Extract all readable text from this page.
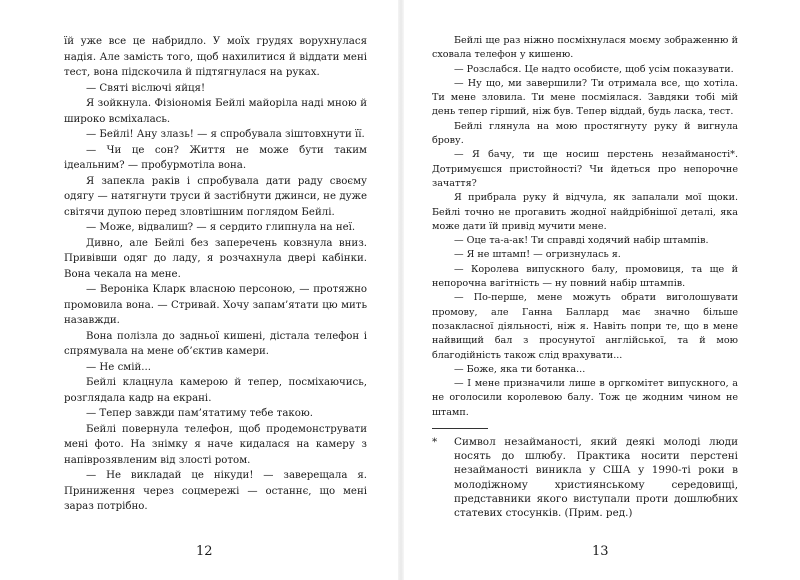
їй уже все це набридло. У моїх грудях ворухнулася надія. Але замість того, щоб нахилитися й віддати мені тест, вона підскочила й підтягнулася на руках.

— Святі віслючі яйця!

Я зойкнула. Фізіономія Бейлі майоріла наді мною й широко всміхалась.

— Бейлі! Ану злазь! — я спробувала зіштовхнути її.

— Чи це сон? Життя не може бути таким ідеальним? — пробурмотіла вона.

Я запекла раків і спробувала дати раду своєму одягу — натягнути труси й застібнути джинси, не дуже світячи дупою перед зловтішним поглядом Бейлі.

— Може, відвалиш? — я сердито глипнула на неї.

Дивно, але Бейлі без заперечень ковзнула вниз. Привівши одяг до ладу, я розчахнула двері кабінки. Вона чекала на мене.

— Вероніка Кларк власною персоною, — протяжно промовила вона. — Стривай. Хочу запам’ятати цю мить назавжди.

Вона полізла до задньої кишені, дістала телефон і спрямувала на мене об’єктив камери.

— Не смій...

Бейлі клацнула камерою й тепер, посміхаючись, розглядала кадр на екрані.

— Тепер завжди пам’ятатиму тебе такою.

Бейлі повернула телефон, щоб продемонструвати мені фото. На знімку я наче кидалася на камеру з напіврозявленим від злості ротом.

— Не викладай це нікуди! — заверещала я. Приниження через соцмережі — останнє, що мені зараз потрібно.

12

Бейлі ще раз ніжно посміхнулася моєму зображенню й сховала телефон у кишеню.

— Розслабся. Це надто особисте, щоб усім показувати.

— Ну що, ми завершили? Ти отримала все, що хотіла. Ти мене зловила. Ти мене посміялася. Завдяки тобі мій день тепер гірший, ніж був. Тепер віддай, будь ласка, тест.

Бейлі глянула на мою простягнуту руку й вигнула брову.

— Я бачу, ти ще носиш перстень незайманості*. Дотримуєшся пристойності? Чи йдеться про непорочне зачаття?

Я прибрала руку й відчула, як запалали мої щоки. Бейлі точно не прогавить жодної найдрібнішої деталі, яка може дати їй привід мучити мене.

— Оце та-а-ак! Ти справді ходячий набір штампів.

— Я не штамп! — огризнулась я.

— Королева випускного балу, промовиця, та ще й непорочна вагітність — ну повний набір штампів.

— По-перше, мене можуть обрати виголошувати промову, але Ганна Баллард має значно більше позакласної діяльності, ніж я. Навіть попри те, що в мене найвищий бал з просунутої англійської, та й мою благодійність також слід врахувати...

— Боже, яка ти ботанка...

— І мене призначили лише в оргкомітет випускного, а не оголосили королевою балу. Тож це жодним чином не штамп.

* Символ незайманості, який деякі молоді люди носять до шлюбу. Практика носити перстені незайманості виникла у США у 1990-ті роки в молодіжному християнському середовищі, представники якого виступали проти дошлюбних статевих стосунків. (Прим. ред.)

13
